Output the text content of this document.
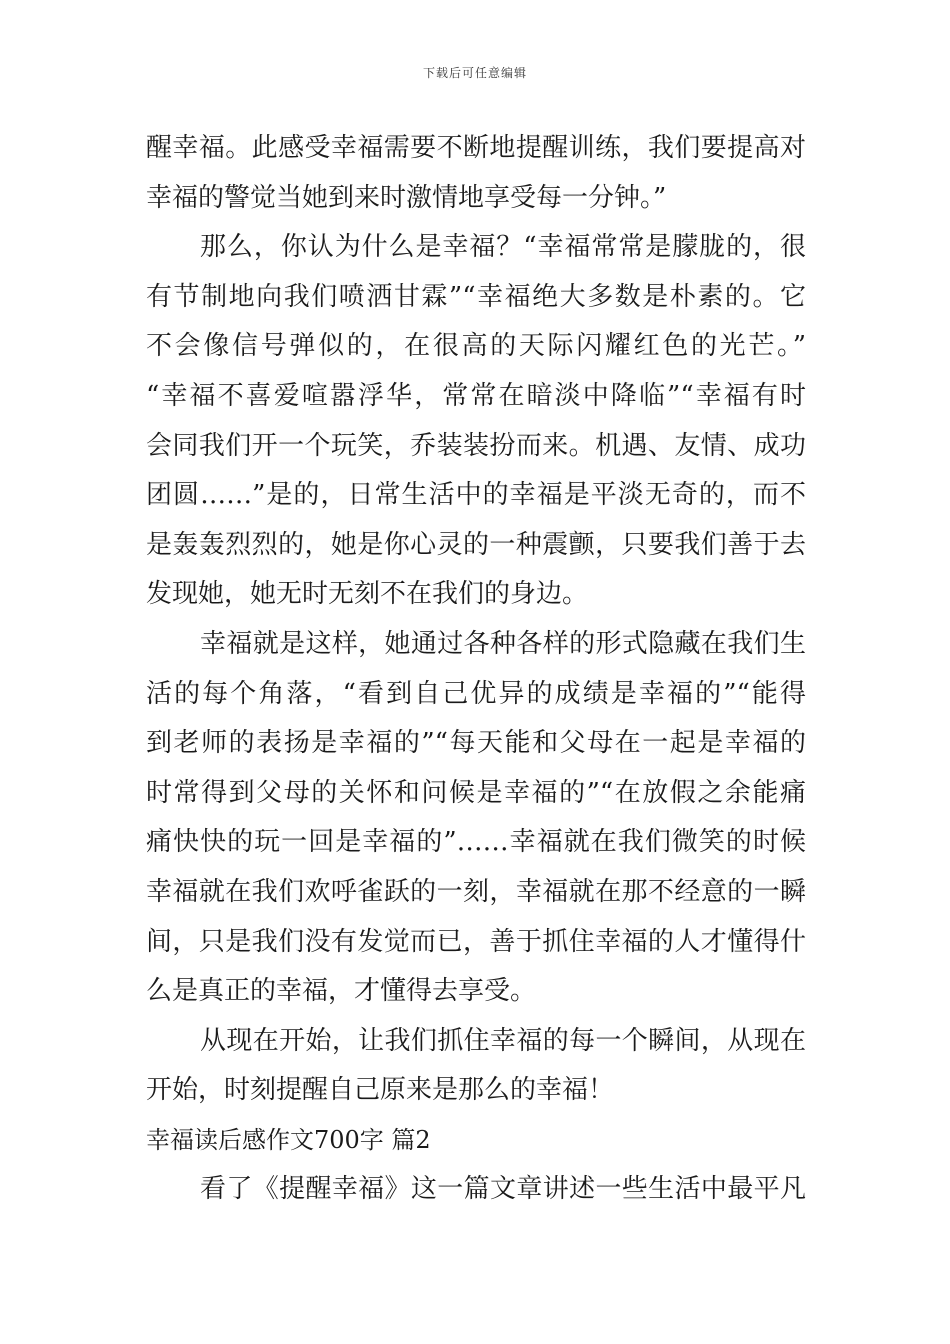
下载后可任意编辑
醒幸福。此感受幸福需要不断地提醒训练，我们要提高对
幸福的警觉当她到来时激情地享受每一分钟。”
那么，你认为什么是幸福？“幸福常常是朦胧的，很
有节制地向我们喷洒甘霖”“幸福绝大多数是朴素的。它
不会像信号弹似的，在很高的天际闪耀红色的光芒。”
“幸福不喜爱喧嚣浮华，常常在暗淡中降临”“幸福有时
会同我们开一个玩笑，乔装装扮而来。机遇、友情、成功
团圆……”是的，日常生活中的幸福是平淡无奇的，而不
是轰轰烈烈的，她是你心灵的一种震颤，只要我们善于去
发现她，她无时无刻不在我们的身边。
幸福就是这样，她通过各种各样的形式隐藏在我们生
活的每个角落，“看到自己优异的成绩是幸福的”“能得
到老师的表扬是幸福的”“每天能和父母在一起是幸福的
时常得到父母的关怀和问候是幸福的”“在放假之余能痛
痛快快的玩一回是幸福的”……幸福就在我们微笑的时候
幸福就在我们欢呼雀跃的一刻，幸福就在那不经意的一瞬
间，只是我们没有发觉而已，善于抓住幸福的人才懂得什
么是真正的幸福，才懂得去享受。
从现在开始，让我们抓住幸福的每一个瞬间，从现在
开始，时刻提醒自己原来是那么的幸福！
幸福读后感作文700字 篇2
看了《提醒幸福》这一篇文章讲述一些生活中最平凡
